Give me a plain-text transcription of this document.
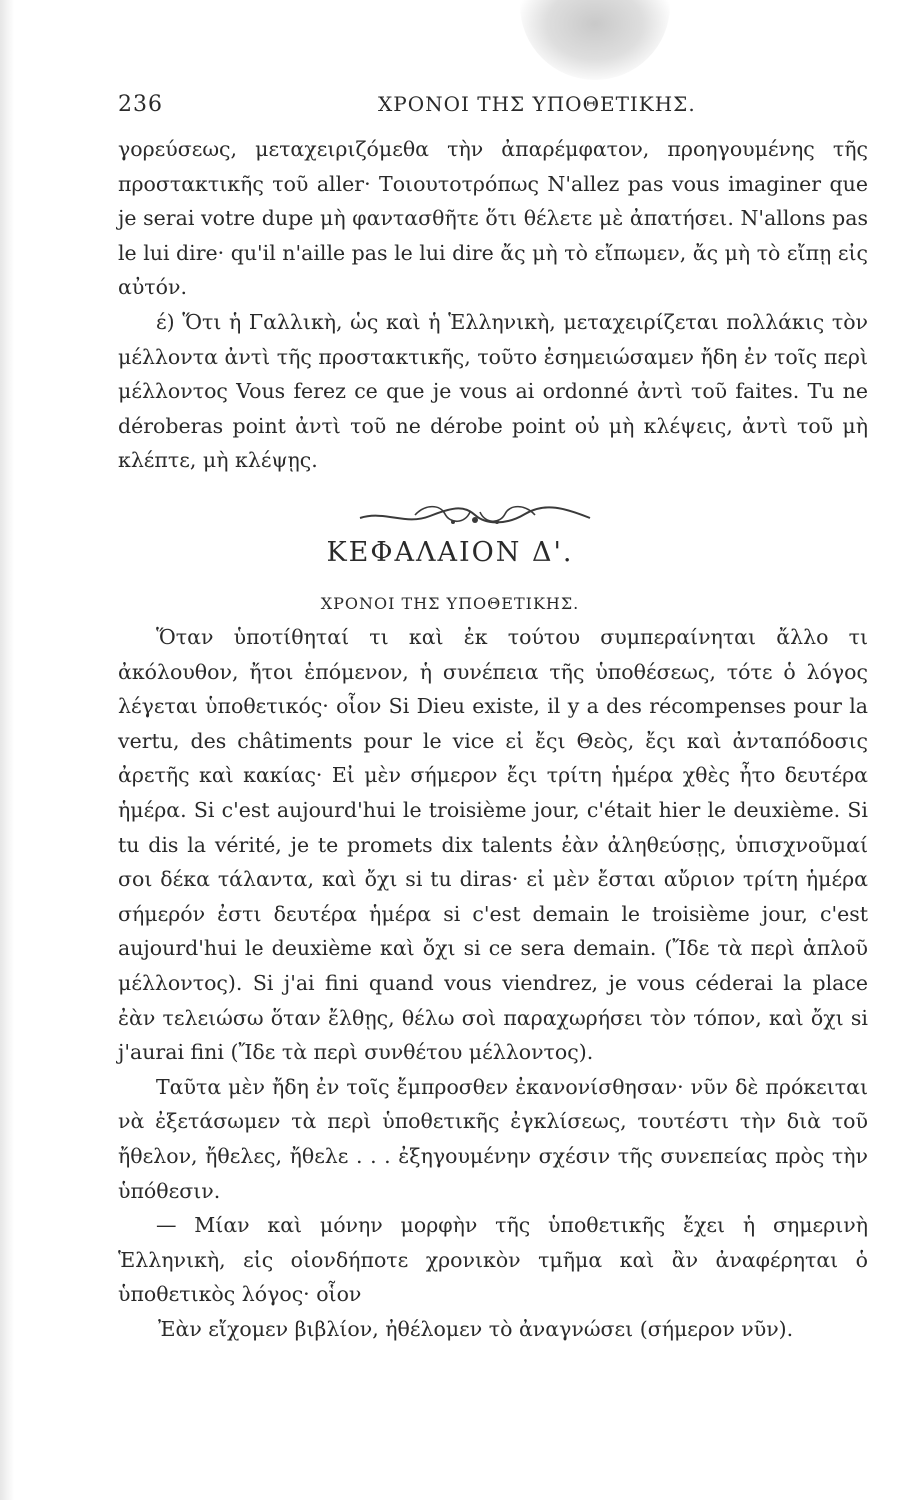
236	ΧΡΟΝΟΙ ΤΗΣ ΥΠΟΘΕΤΙΚΗΣ.

γορεύσεως, μεταχειριζόμεθα τὴν ἀπαρέμφατον, προηγουμένης τῆς προστακτικῆς τοῦ aller· Τοιουτοτρόπως N'allez pas vous imaginer que je serai votre dupe μὴ φαντασθῆτε ὅτι θέλετε μὲ ἀπατήσει. N'allons pas le lui dire· qu'il n'aille pas le lui dire ἄς μὴ τὸ εἴπωμεν, ἄς μὴ τὸ εἴπῃ εἰς αὐτόν.

έ) Ὅτι ἡ Γαλλικὴ, ὡς καὶ ἡ Ἑλληνικὴ, μεταχειρίζεται πολλάκις τὸν μέλλοντα ἀντὶ τῆς προστακτικῆς, τοῦτο ἐσημειώσαμεν ἤδη ἐν τοῖς περὶ μέλλοντος Vous ferez ce que je vous ai ordonné ἀντὶ τοῦ faites. Tu ne déroberas point ἀντὶ τοῦ ne dérobe point οὐ μὴ κλέψεις, ἀντὶ τοῦ μὴ κλέπτε, μὴ κλέψῃς.

ΚΕΦΑΛΑΙΟΝ Δ'.
ΧΡΟΝΟΙ ΤΗΣ ΥΠΟΘΕΤΙΚΗΣ.

Ὅταν ὑποτίθηταί τι καὶ ἐκ τούτου συμπεραίνηται ἄλλο τι ἀκόλουθον, ἤτοι ἑπόμενον, ἡ συνέπεια τῆς ὑποθέσεως, τότε ὁ λόγος λέγεται ὑποθετικός· οἷον Si Dieu existe, il y a des récompenses pour la vertu, des châtiments pour le vice εἰ ἔςι Θεὸς, ἔςι καὶ ἀνταπόδοσις ἀρετῆς καὶ κακίας· Εἰ μὲν σήμερον ἔςι τρίτη ἡμέρα χθὲς ἦτο δευτέρα ἡμέρα. Si c'est aujourd'hui le troisième jour, c'était hier le deuxième. Si tu dis la vérité, je te promets dix talents ἐὰν ἀληθεύσῃς, ὑπισχνοῦμαί σοι δέκα τάλαντα, καὶ ὄχι si tu diras· εἰ μὲν ἔσται αὔριον τρίτη ἡμέρα σήμερόν ἐστι δευτέρα ἡμέρα si c'est demain le troisième jour, c'est aujourd'hui le deuxième καὶ ὄχι si ce sera demain. (Ἴδε τὰ περὶ ἁπλοῦ μέλλοντος). Si j'ai fini quand vous viendrez, je vous céderai la place ἐὰν τελειώσω ὅταν ἔλθῃς, θέλω σοὶ παραχωρήσει τὸν τόπον, καὶ ὄχι si j'aurai fini (Ἴδε τὰ περὶ συνθέτου μέλλοντος).

Ταῦτα μὲν ἤδη ἐν τοῖς ἔμπροσθεν ἐκανονίσθησαν· νῦν δὲ πρόκειται νὰ ἐξετάσωμεν τὰ περὶ ὑποθετικῆς ἐγκλίσεως, τουτέστι τὴν διὰ τοῦ ἤθελον, ἤθελες, ἤθελε . . . ἐξηγουμένην σχέσιν τῆς συνεπείας πρὸς τὴν ὑπόθεσιν.

— Μίαν καὶ μόνην μορφὴν τῆς ὑποθετικῆς ἔχει ἡ σημερινὴ Ἑλληνικὴ, εἰς οἱονδήποτε χρονικὸν τμῆμα καὶ ἂν ἀναφέρηται ὁ ὑποθετικὸς λόγος· οἷον

Ἐὰν εἴχομεν βιβλίον, ἠθέλομεν τὸ ἀναγνώσει (σήμερον νῦν).
